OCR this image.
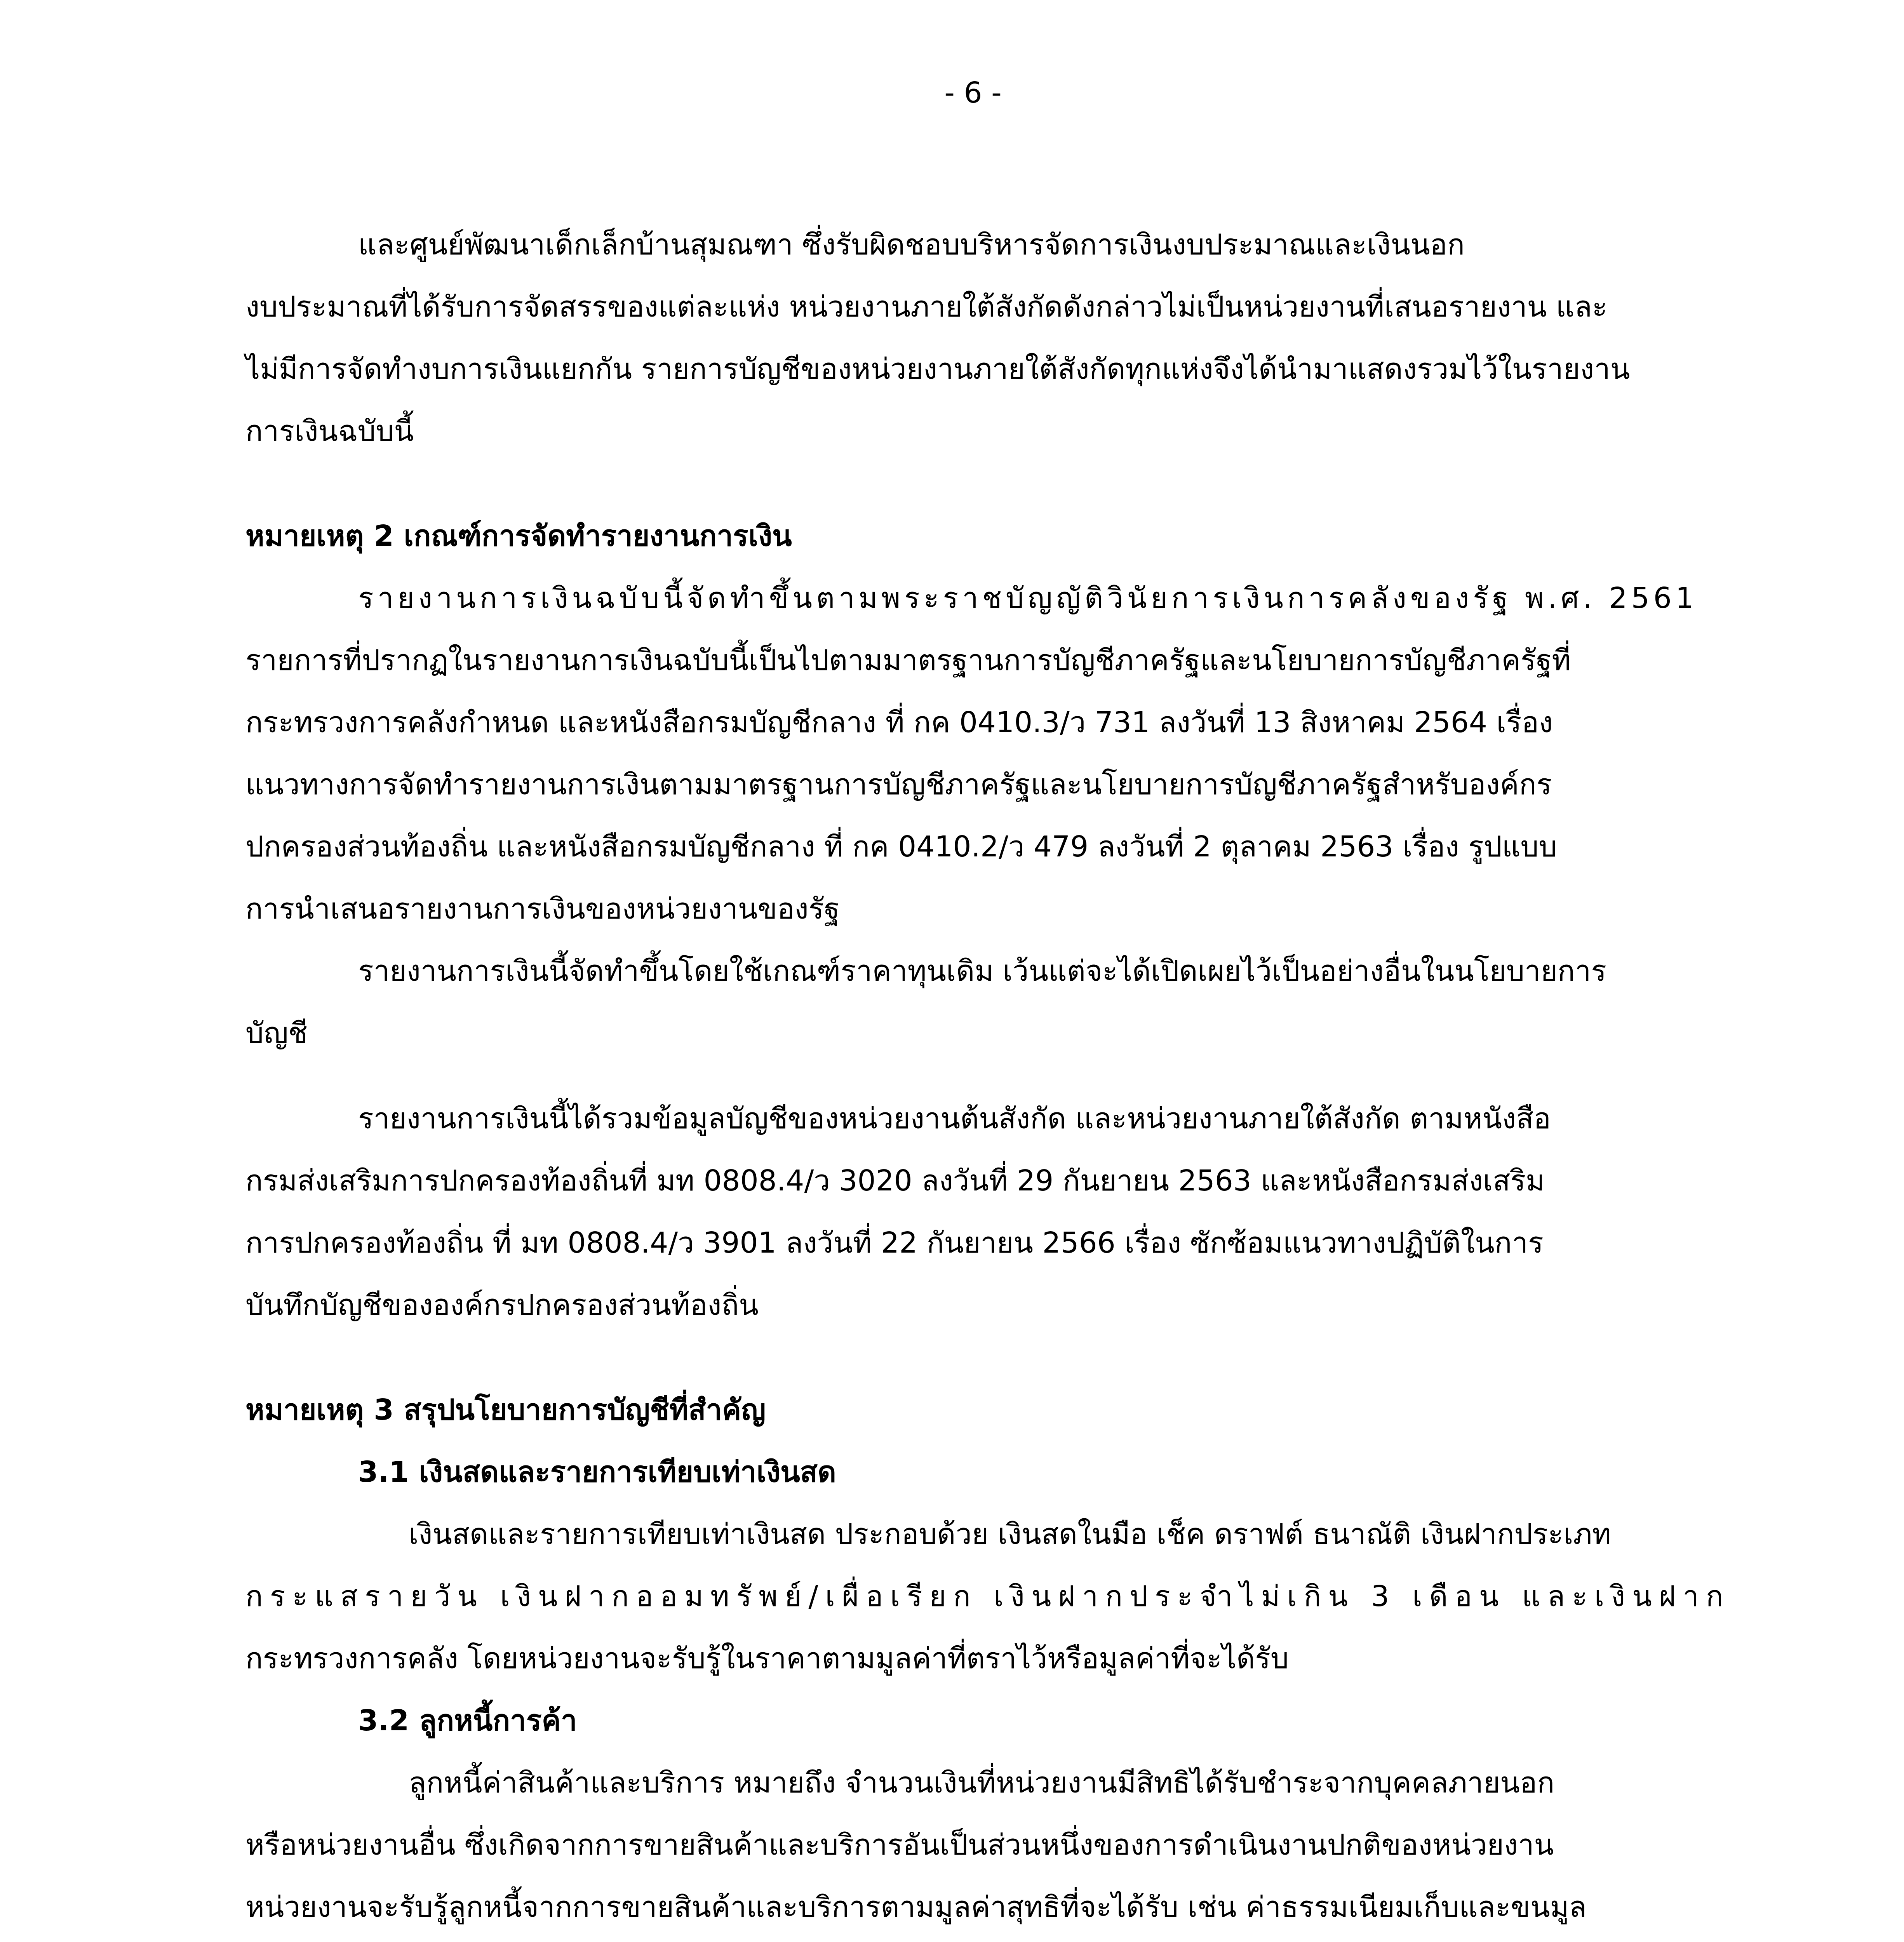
- 6 -
และศูนย์พัฒนาเด็กเล็กบ้านสุมณฑา ซึ่งรับผิดชอบบริหารจัดการเงินงบประมาณและเงินนอก
งบประมาณที่ได้รับการจัดสรรของแต่ละแห่ง หน่วยงานภายใต้สังกัดดังกล่าวไม่เป็นหน่วยงานที่เสนอรายงาน และ
ไม่มีการจัดทำงบการเงินแยกกัน รายการบัญชีของหน่วยงานภายใต้สังกัดทุกแห่งจึงได้นำมาแสดงรวมไว้ในรายงาน
การเงินฉบับนี้
หมายเหตุ 2 เกณฑ์การจัดทำรายงานการเงิน
รายงานการเงินฉบับนี้จัดทำขึ้นตามพระราชบัญญัติวินัยการเงินการคลังของรัฐ พ.ศ. 2561
รายการที่ปรากฏในรายงานการเงินฉบับนี้เป็นไปตามมาตรฐานการบัญชีภาครัฐและนโยบายการบัญชีภาครัฐที่
กระทรวงการคลังกำหนด และหนังสือกรมบัญชีกลาง ที่ กค 0410.3/ว 731 ลงวันที่ 13 สิงหาคม 2564 เรื่อง
แนวทางการจัดทำรายงานการเงินตามมาตรฐานการบัญชีภาครัฐและนโยบายการบัญชีภาครัฐสำหรับองค์กร
ปกครองส่วนท้องถิ่น และหนังสือกรมบัญชีกลาง ที่ กค 0410.2/ว 479 ลงวันที่ 2 ตุลาคม 2563 เรื่อง รูปแบบ
การนำเสนอรายงานการเงินของหน่วยงานของรัฐ
รายงานการเงินนี้จัดทำขึ้นโดยใช้เกณฑ์ราคาทุนเดิม เว้นแต่จะได้เปิดเผยไว้เป็นอย่างอื่นในนโยบายการ
บัญชี
รายงานการเงินนี้ได้รวมข้อมูลบัญชีของหน่วยงานต้นสังกัด และหน่วยงานภายใต้สังกัด ตามหนังสือ
กรมส่งเสริมการปกครองท้องถิ่นที่ มท 0808.4/ว 3020 ลงวันที่ 29 กันยายน 2563 และหนังสือกรมส่งเสริม
การปกครองท้องถิ่น ที่ มท 0808.4/ว 3901 ลงวันที่ 22 กันยายน 2566 เรื่อง ซักซ้อมแนวทางปฏิบัติในการ
บันทึกบัญชีขององค์กรปกครองส่วนท้องถิ่น
หมายเหตุ 3 สรุปนโยบายการบัญชีที่สำคัญ
3.1 เงินสดและรายการเทียบเท่าเงินสด
เงินสดและรายการเทียบเท่าเงินสด ประกอบด้วย เงินสดในมือ เช็ค ดราฟต์ ธนาณัติ เงินฝากประเภท
กระแสรายวัน เงินฝากออมทรัพย์/เผื่อเรียก เงินฝากประจำไม่เกิน 3 เดือน และเงินฝาก
กระทรวงการคลัง โดยหน่วยงานจะรับรู้ในราคาตามมูลค่าที่ตราไว้หรือมูลค่าที่จะได้รับ
3.2 ลูกหนี้การค้า
ลูกหนี้ค่าสินค้าและบริการ หมายถึง จำนวนเงินที่หน่วยงานมีสิทธิได้รับชำระจากบุคคลภายนอก
หรือหน่วยงานอื่น ซึ่งเกิดจากการขายสินค้าและบริการอันเป็นส่วนหนึ่งของการดำเนินงานปกติของหน่วยงาน
หน่วยงานจะรับรู้ลูกหนี้จากการขายสินค้าและบริการตามมูลค่าสุทธิที่จะได้รับ เช่น ค่าธรรมเนียมเก็บและขนมูล
